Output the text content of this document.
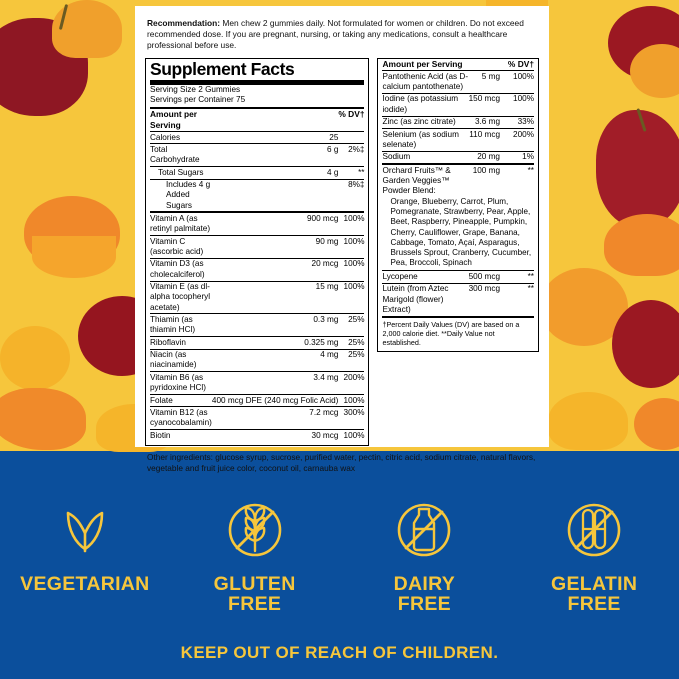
Recommendation: Men chew 2 gummies daily. Not formulated for women or children. Do not exceed recommended dose. If you are pregnant, nursing, or taking any medications, consult a healthcare professional before use.

Supplement Facts
Serving Size 2 Gummies
Servings per Container 75
Amount per Serving		% DV†
Calories	25	
Total Carbohydrate	6 g	2%‡
Total Sugars	4 g	**
Includes 4 g Added Sugars		8%‡
Vitamin A (as retinyl palmitate)	900 mcg	100%
Vitamin C (ascorbic acid)	90 mg	100%
Vitamin D3 (as cholecalciferol)	20 mcg	100%
Vitamin E (as dl-alpha tocopheryl acetate)	15 mg	100%
Thiamin (as thiamin HCl)	0.3 mg	25%
Riboflavin	0.325 mg	25%
Niacin (as niacinamide)	4 mg	25%
Vitamin B6 (as pyridoxine HCl)	3.4 mg	200%
Folate	400 mcg DFE (240 mcg Folic Acid)	100%
Vitamin B12 (as cyanocobalamin)	7.2 mcg	300%
Biotin	30 mcg	100%
Amount per Serving		% DV†
Pantothenic Acid (as D-calcium pantothenate)	5 mg	100%
Iodine (as potassium iodide)	150 mcg	100%
Zinc (as zinc citrate)	3.6 mg	33%
Selenium (as sodium selenate)	110 mcg	200%
Sodium	20 mg	1%
Orchard Fruits™ & Garden Veggies™ Powder Blend:	100 mg	**
Orange, Blueberry, Carrot, Plum, Pomegranate, Strawberry, Pear, Apple, Beet, Raspberry, Pineapple, Pumpkin, Cherry, Cauliflower, Grape, Banana, Cabbage, Tomato, Açaí, Asparagus, Brussels Sprout, Cranberry, Cucumber, Pea, Broccoli, Spinach
Lycopene	500 mcg	**
Lutein (from Aztec Marigold (flower) Extract)	300 mcg	**
†Percent Daily Values (DV) are based on a 2,000 calorie diet. **Daily Value not established.

Other ingredients: glucose syrup, sucrose, purified water, pectin, citric acid, sodium citrate, natural flavors, vegetable and fruit juice color, coconut oil, carnauba wax

VEGETARIAN	GLUTEN
FREE
DAIRY
FREE
GELATIN
FREE
KEEP OUT OF REACH OF CHILDREN.
